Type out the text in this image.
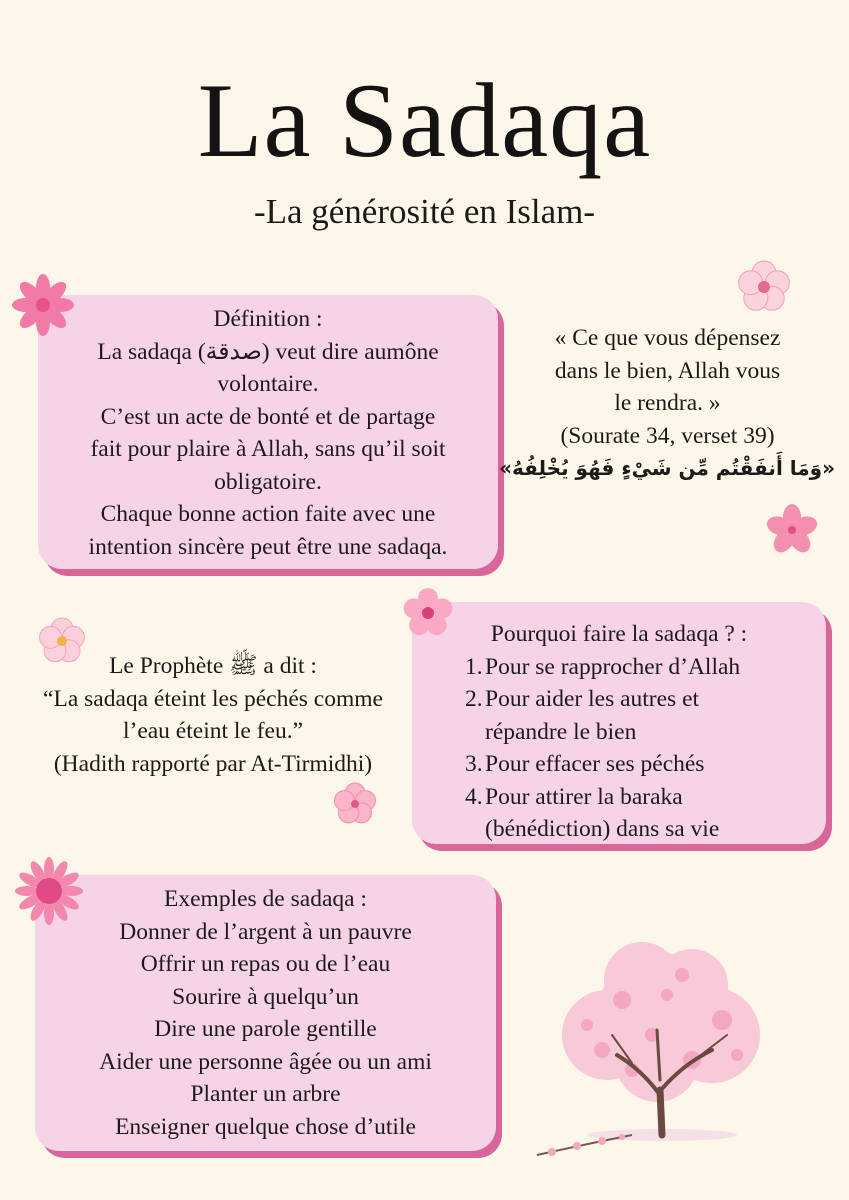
La Sadaqa
-La générosité en Islam-
Définition :
La sadaqa (صدقة) veut dire aumône
volontaire.
C’est un acte de bonté et de partage
fait pour plaire à Allah, sans qu’il soit
obligatoire.
Chaque bonne action faite avec une
intention sincère peut être une sadaqa.
« Ce que vous dépensez
dans le bien, Allah vous
le rendra. »
(Sourate 34, verset 39)
«وَمَا أَنفَقْتُم مِّن شَيْءٍ فَهُوَ يُخْلِفُهُ»
Le Prophète ﷺ a dit :
“La sadaqa éteint les péchés comme
l’eau éteint le feu.”
(Hadith rapporté par At-Tirmidhi)
Pourquoi faire la sadaqa ? :
1. Pour se rapprocher d’Allah
2. Pour aider les autres et
répandre le bien
3. Pour effacer ses péchés
4. Pour attirer la baraka
(bénédiction) dans sa vie
Exemples de sadaqa :
Donner de l’argent à un pauvre
Offrir un repas ou de l’eau
Sourire à quelqu’un
Dire une parole gentille
Aider une personne âgée ou un ami
Planter un arbre
Enseigner quelque chose d’utile
